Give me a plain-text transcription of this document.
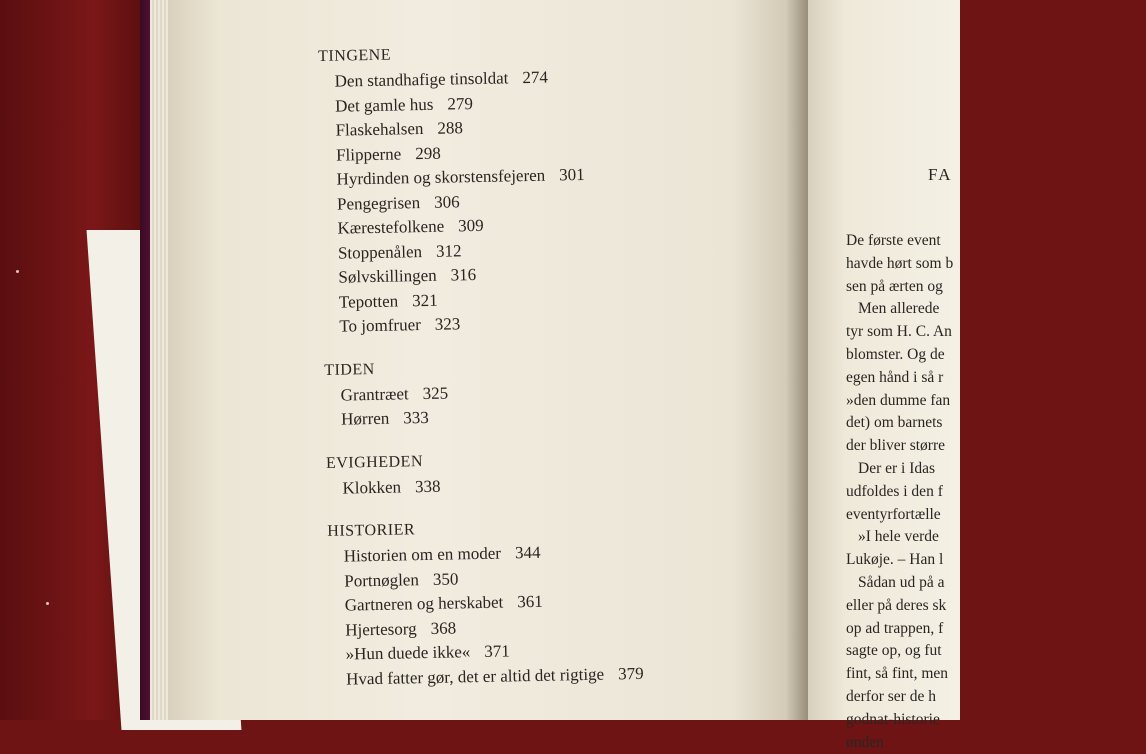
FA
De første event
havde hørt som b
sen på ærten og
Men allerede
tyr som H. C. An
blomster. Og de
egen hånd i så r
»den dumme fan
det) om barnets
der bliver større
Der er i Idas
udfoldes i den f
eventyrfortælle
»I hele verde
Lukøje. – Han l
Sådan ud på a
eller på deres sk
op ad trappen, f
sagte op, og fut
fint, så fint, men
derfor ser de h
godnat-historie
ønden
TINGENE
Den standhafige tinsoldat 274
Det gamle hus 279
Flaskehalsen 288
Flipperne 298
Hyrdinden og skorstensfejeren 301
Pengegrisen 306
Kærestefolkene 309
Stoppenålen 312
Sølvskillingen 316
Tepotten 321
To jomfruer 323
TIDEN
Grantræet 325
Hørren 333
EVIGHEDEN
Klokken 338
HISTORIER
Historien om en moder 344
Portnøglen 350
Gartneren og herskabet 361
Hjertesorg 368
»Hun duede ikke« 371
Hvad fatter gør, det er altid det rigtige 379
